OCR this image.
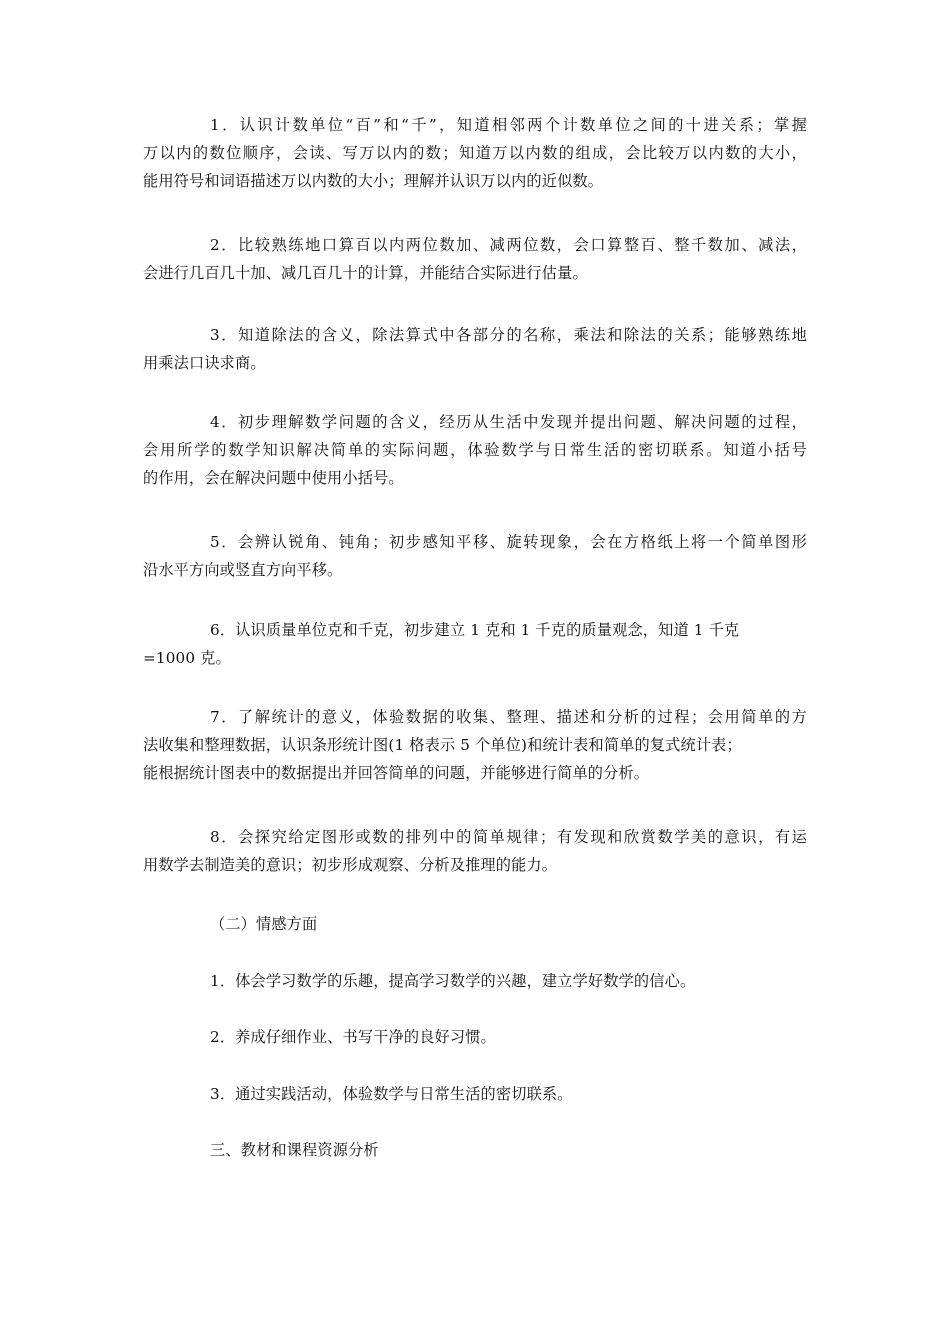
1．认识计数单位“百”和“千”，知道相邻两个计数单位之间的十进关系；掌握
万以内的数位顺序，会读、写万以内的数；知道万以内数的组成，会比较万以内数的大小，
能用符号和词语描述万以内数的大小；理解并认识万以内的近似数。
2．比较熟练地口算百以内两位数加、减两位数，会口算整百、整千数加、减法，
会进行几百几十加、减几百几十的计算，并能结合实际进行估量。
3．知道除法的含义，除法算式中各部分的名称，乘法和除法的关系；能够熟练地
用乘法口诀求商。
4．初步理解数学问题的含义，经历从生活中发现并提出问题、解决问题的过程，
会用所学的数学知识解决简单的实际问题，体验数学与日常生活的密切联系。知道小括号
的作用，会在解决问题中使用小括号。
5．会辨认锐角、钝角；初步感知平移、旋转现象，会在方格纸上将一个简单图形
沿水平方向或竖直方向平移。
6．认识质量单位克和千克，初步建立 1 克和 1 千克的质量观念，知道 1 千克
=1000 克。
7．了解统计的意义，体验数据的收集、整理、描述和分析的过程；会用简单的方
法收集和整理数据，认识条形统计图(1 格表示 5 个单位)和统计表和简单的复式统计表；
能根据统计图表中的数据提出并回答简单的问题，并能够进行简单的分析。
8．会探究给定图形或数的排列中的简单规律；有发现和欣赏数学美的意识，有运
用数学去制造美的意识；初步形成观察、分析及推理的能力。
（二）情感方面
1．体会学习数学的乐趣，提高学习数学的兴趣，建立学好数学的信心。
2．养成仔细作业、书写干净的良好习惯。
3．通过实践活动，体验数学与日常生活的密切联系。
三、教材和课程资源分析
